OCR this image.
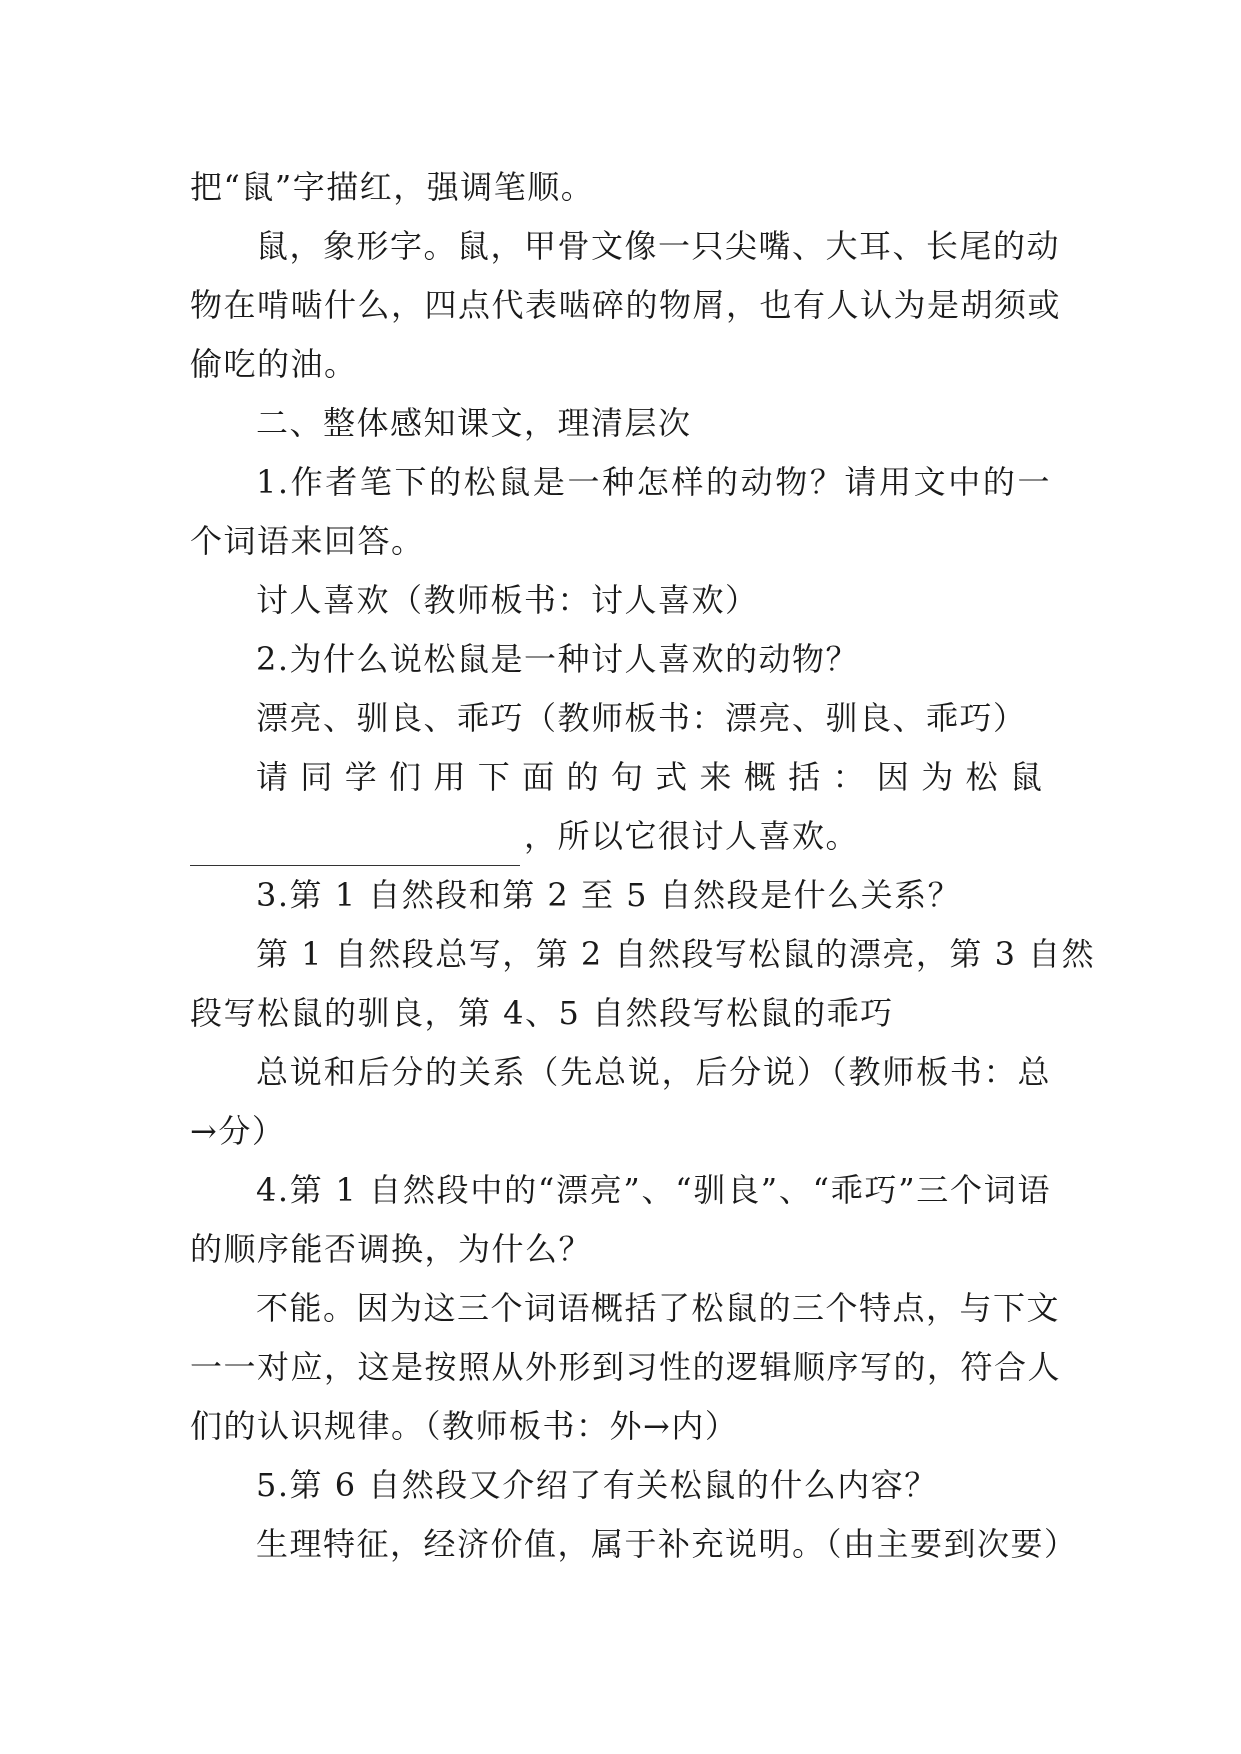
把“鼠”字描红，强调笔顺。
鼠，象形字。鼠，甲骨文像一只尖嘴、大耳、长尾的动
物在啃啮什么，四点代表啮碎的物屑，也有人认为是胡须或
偷吃的油。
二、整体感知课文，理清层次
1.作者笔下的松鼠是一种怎样的动物？请用文中的一
个词语来回答。
讨人喜欢（教师板书：讨人喜欢）
2.为什么说松鼠是一种讨人喜欢的动物？
漂亮、驯良、乖巧（教师板书：漂亮、驯良、乖巧）
请同学们用下面的句式来概括：因为松鼠
，所以它很讨人喜欢。
3.第 1 自然段和第 2 至 5 自然段是什么关系？
第 1 自然段总写，第 2 自然段写松鼠的漂亮，第 3 自然
段写松鼠的驯良，第 4、5 自然段写松鼠的乖巧
总说和后分的关系（先总说，后分说）（教师板书：总
→分）
4.第 1 自然段中的“漂亮”、“驯良”、“乖巧”三个词语
的顺序能否调换，为什么？
不能。因为这三个词语概括了松鼠的三个特点，与下文
一一对应，这是按照从外形到习性的逻辑顺序写的，符合人
们的认识规律。（教师板书：外→内）
5.第 6 自然段又介绍了有关松鼠的什么内容？
生理特征，经济价值，属于补充说明。（由主要到次要）
